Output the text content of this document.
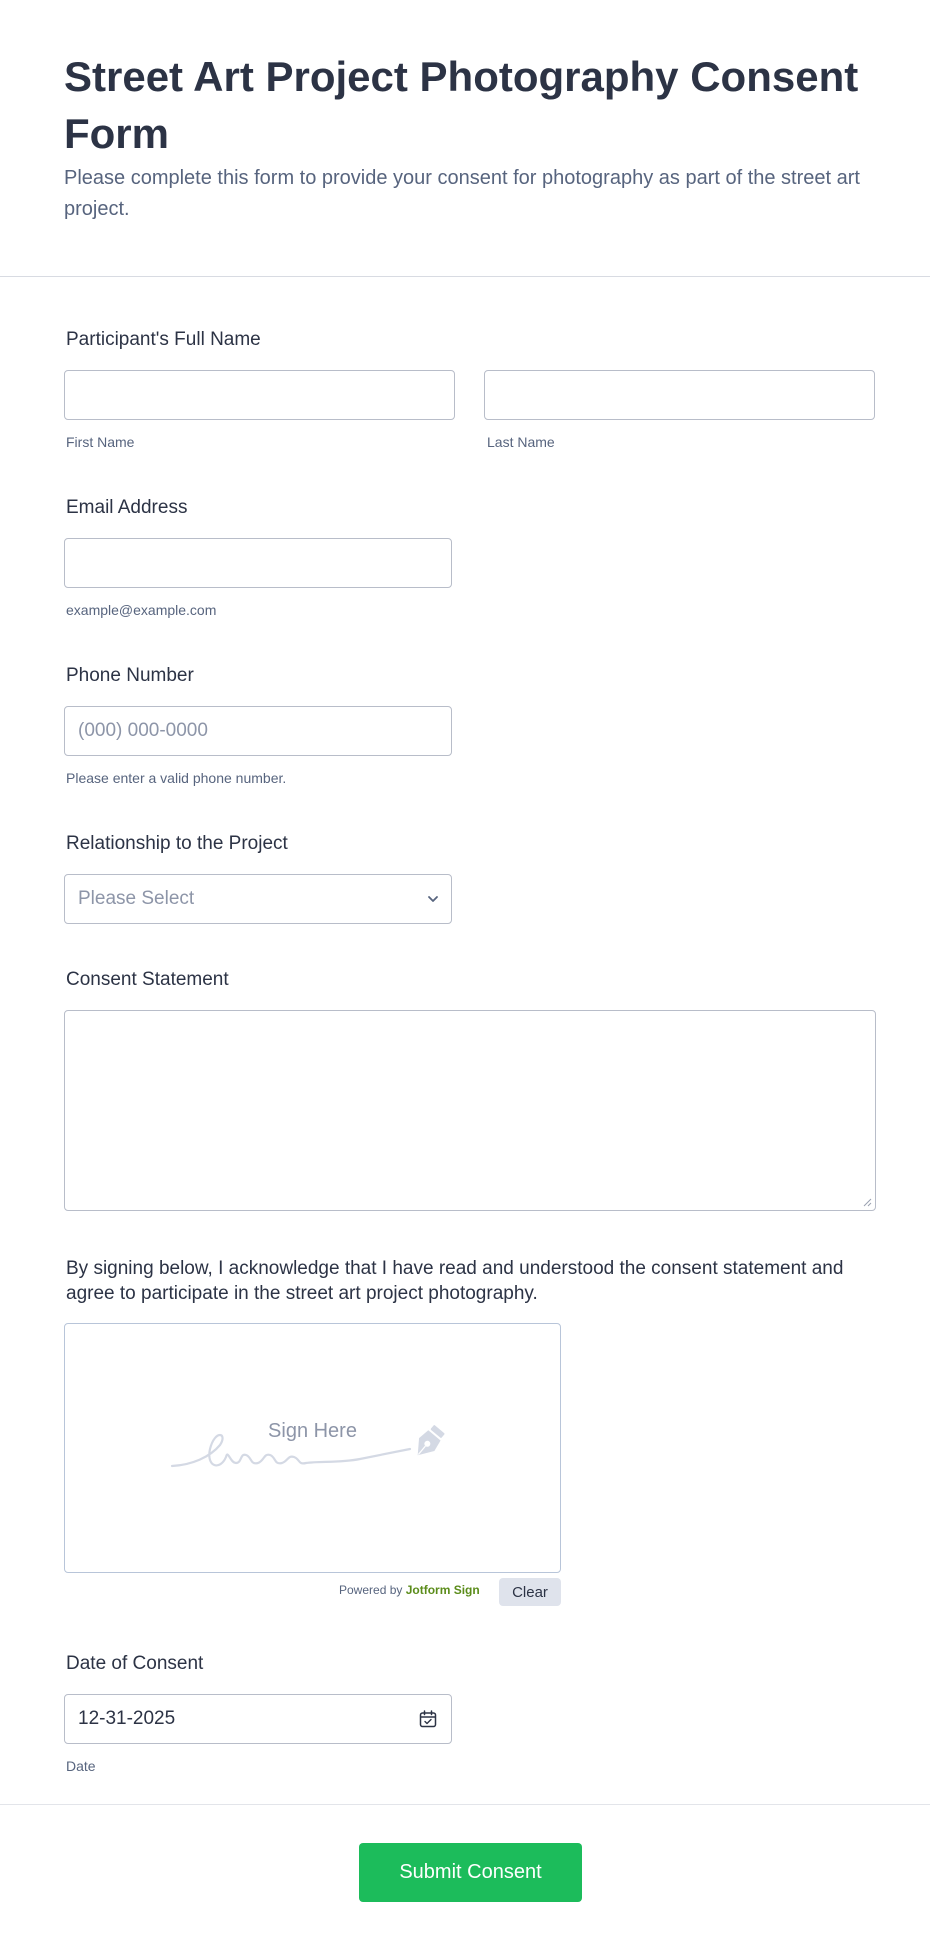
Street Art Project Photography Consent Form

Please complete this form to provide your consent for photography as part of the street art project.

Participant's Full Name
First Name	Last Name
Email Address
example@example.com
Phone Number
(000) 000-0000
Please enter a valid phone number.
Relationship to the Project
Please Select
Consent Statement

By signing below, I acknowledge that I have read and understood the consent statement and agree to participate in the street art project photography.

Sign Here
Powered by Jotform Sign	Clear
Date of Consent
12-31-2025
Date
Submit Consent
